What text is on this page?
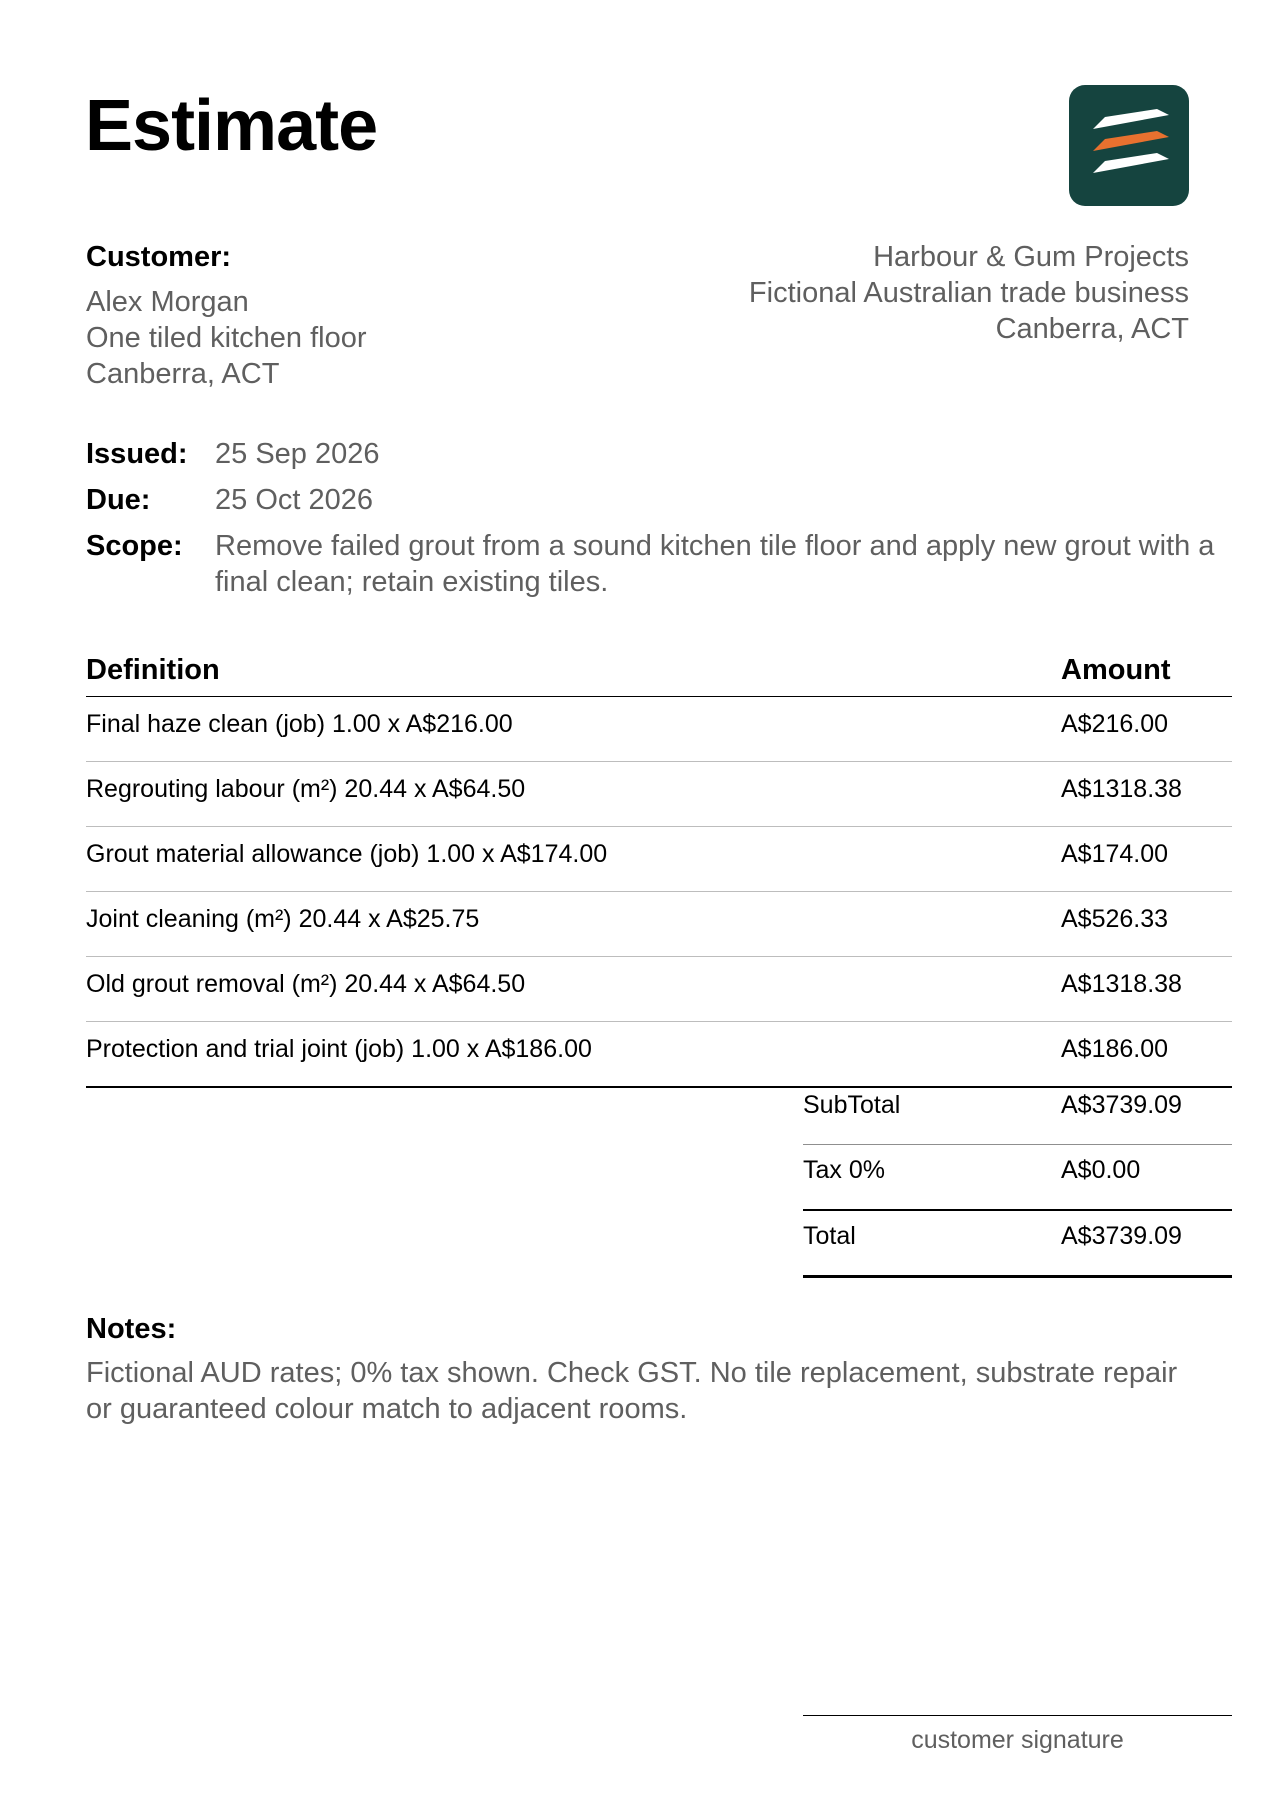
Estimate
Customer:
Alex Morgan
One tiled kitchen floor
Canberra, ACT
Harbour & Gum Projects
Fictional Australian trade business
Canberra, ACT
Issued: 25 Sep 2026
Due: 25 Oct 2026
Scope: Remove failed grout from a sound kitchen tile floor and apply new grout with a final clean; retain existing tiles.
Definition	Amount
Final haze clean (job) 1.00 x A$216.00	A$216.00
Regrouting labour (m²) 20.44 x A$64.50	A$1318.38
Grout material allowance (job) 1.00 x A$174.00	A$174.00
Joint cleaning (m²) 20.44 x A$25.75	A$526.33
Old grout removal (m²) 20.44 x A$64.50	A$1318.38
Protection and trial joint (job) 1.00 x A$186.00	A$186.00
SubTotal	A$3739.09
Tax 0%	A$0.00
Total	A$3739.09
Notes:
Fictional AUD rates; 0% tax shown. Check GST. No tile replacement, substrate repair or guaranteed colour match to adjacent rooms.
customer signature
